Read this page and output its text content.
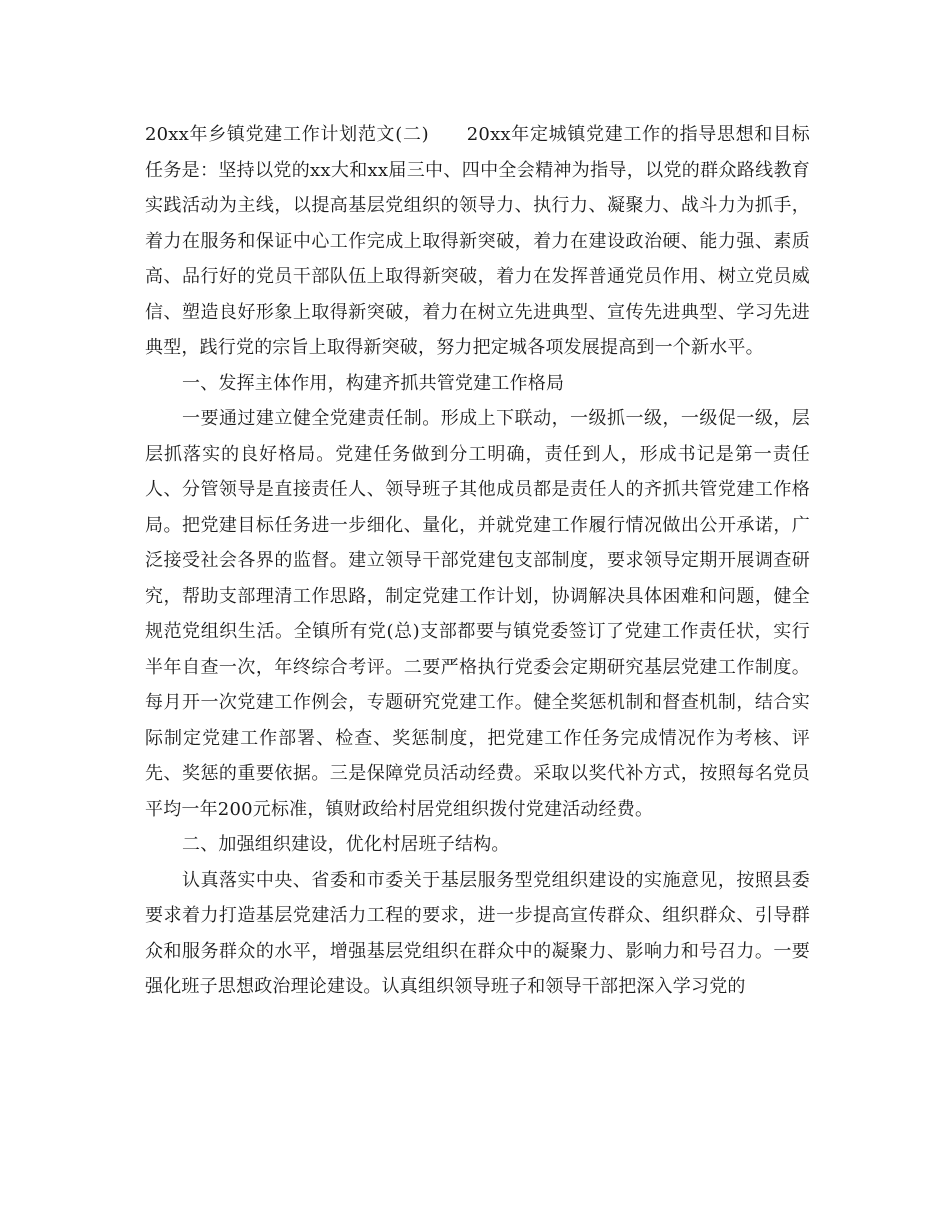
20xx年乡镇党建工作计划范文(二)　　20xx年定城镇党建工作的指导思想和目标任务是：坚持以党的xx大和xx届三中、四中全会精神为指导，以党的群众路线教育实践活动为主线，以提高基层党组织的领导力、执行力、凝聚力、战斗力为抓手，着力在服务和保证中心工作完成上取得新突破，着力在建设政治硬、能力强、素质高、品行好的党员干部队伍上取得新突破，着力在发挥普通党员作用、树立党员威信、塑造良好形象上取得新突破，着力在树立先进典型、宣传先进典型、学习先进典型，践行党的宗旨上取得新突破，努力把定城各项发展提高到一个新水平。

一、发挥主体作用，构建齐抓共管党建工作格局

一要通过建立健全党建责任制。形成上下联动，一级抓一级，一级促一级，层层抓落实的良好格局。党建任务做到分工明确，责任到人，形成书记是第一责任人、分管领导是直接责任人、领导班子其他成员都是责任人的齐抓共管党建工作格局。把党建目标任务进一步细化、量化，并就党建工作履行情况做出公开承诺，广泛接受社会各界的监督。建立领导干部党建包支部制度，要求领导定期开展调查研究，帮助支部理清工作思路，制定党建工作计划，协调解决具体困难和问题，健全规范党组织生活。全镇所有党(总)支部都要与镇党委签订了党建工作责任状，实行半年自查一次，年终综合考评。二要严格执行党委会定期研究基层党建工作制度。每月开一次党建工作例会，专题研究党建工作。健全奖惩机制和督查机制，结合实际制定党建工作部署、检查、奖惩制度，把党建工作任务完成情况作为考核、评先、奖惩的重要依据。三是保障党员活动经费。采取以奖代补方式，按照每名党员平均一年200元标准，镇财政给村居党组织拨付党建活动经费。

二、加强组织建设，优化村居班子结构。

认真落实中央、省委和市委关于基层服务型党组织建设的实施意见，按照县委要求着力打造基层党建活力工程的要求，进一步提高宣传群众、组织群众、引导群众和服务群众的水平，增强基层党组织在群众中的凝聚力、影响力和号召力。一要强化班子思想政治理论建设。认真组织领导班子和领导干部把深入学习党的
